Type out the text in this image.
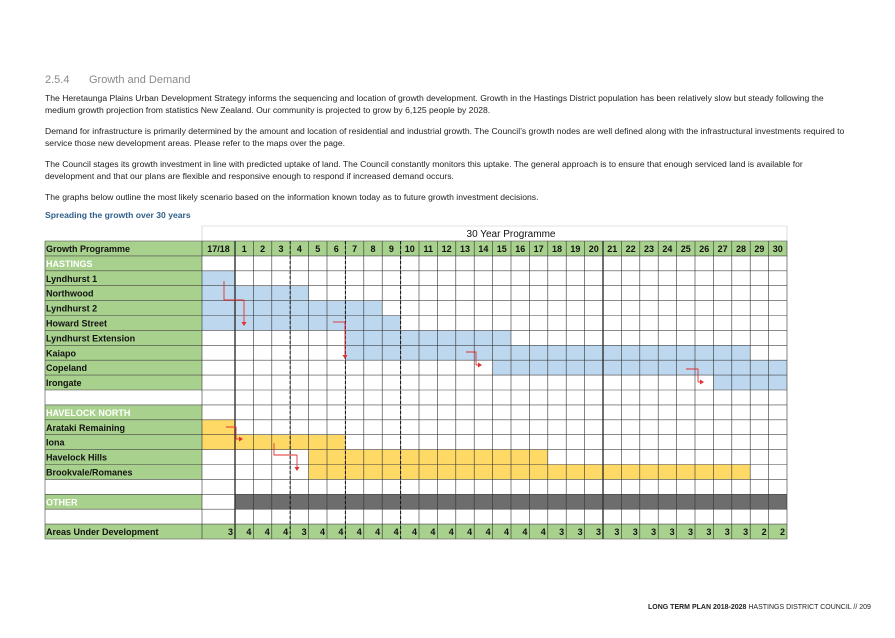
2.5.4 Growth and Demand

The Heretaunga Plains Urban Development Strategy informs the sequencing and location of growth development. Growth in the Hastings District population has been relatively slow but steady following the medium growth projection from statistics New Zealand. Our community is projected to grow by 6,125 people by 2028.

Demand for infrastructure is primarily determined by the amount and location of residential and industrial growth. The Council’s growth nodes are well defined along with the infrastructural investments required to service those new development areas. Please refer to the maps over the page.

The Council stages its growth investment in line with predicted uptake of land. The Council constantly monitors this uptake. The general approach is to ensure that enough serviced land is available for development and that our plans are flexible and responsive enough to respond if increased demand occurs.

The graphs below outline the most likely scenario based on the information known today as to future growth investment decisions.

Spreading the growth over 30 years
30 Year Programme
Growth Programme	17/18 1 2 3 4 5 6 7 8 9 10 11 12 13 14 15 16 17 18 19 20 21 22 23 24 25 26 27 28 29 30
HASTINGS
Lyndhurst 1
Northwood
Lyndhurst 2
Howard Street
Lyndhurst Extension
Kaiapo
Copeland
Irongate
HAVELOCK NORTH
Arataki Remaining
Iona
Havelock Hills
Brookvale/Romanes
OTHER
Areas Under Development	3 4 4 4 3 4 4 4 4 4 4 4 4 4 4 4 4 4 3 3 3 3 3 3 3 3 3 3 3 2 2
LONG TERM PLAN 2018-2028 HASTINGS DISTRICT COUNCIL // 209
